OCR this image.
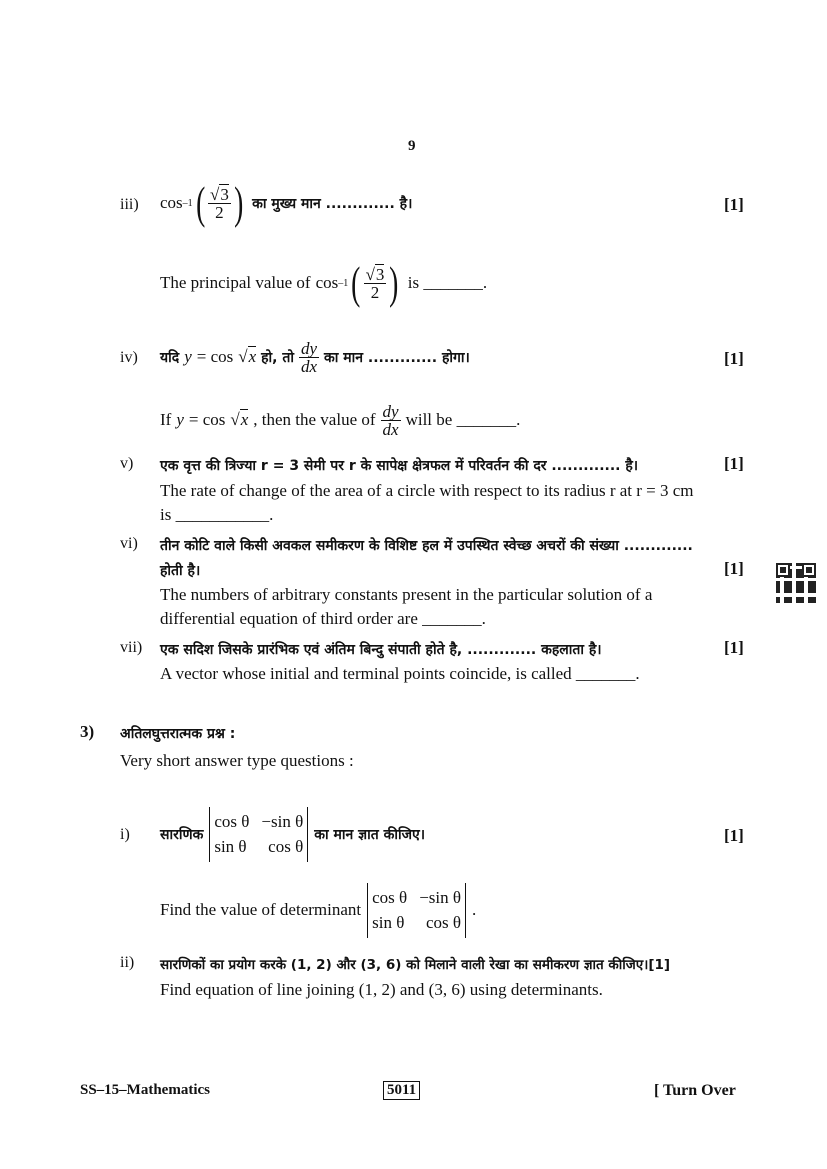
9
iii) cos –1 ( $\frac{√3}{2}$ ) का मुख्य मान ............. है।	[1]
The principal value of cos –1 ( $\frac{√3}{2}$ ) is _______.
iv) यदि y = cos √x हो, तो $\frac{dy}{dx}$ का मान ............. होगा।	[1]
If y = cos √x , then the value of $\frac{dy}{dx}$ will be _______.
v) एक वृत्त की त्रिज्या r = 3 सेमी पर r के सापेक्ष क्षेत्रफल में परिवर्तन की दर ............. है।	[1]
The rate of change of the area of a circle with respect to its radius r at r = 3 cm
is ___________.
vi) तीन कोटि वाले किसी अवकल समीकरण के विशिष्ट हल में उपस्थित स्वेच्छ अचरों की संख्या .............
होती है।	[1]
The numbers of arbitrary constants present in the particular solution of a
differential equation of third order are _______.
vii) एक सदिश जिसके प्रारंभिक एवं अंतिम बिन्दु संपाती होते है, ............. कहलाता है।	[1]
A vector whose initial and terminal points coincide, is called _______.
3) अतिलघुत्तरात्मक प्रश्न :
Very short answer type questions :
i) सारणिक
cos θ −sin θ
sin θ cos θ
का मान ज्ञात कीजिए।	[1]
Find the value of determinant
cos θ −sin θ
sin θ cos θ
.
ii) सारणिकों का प्रयोग करके (1, 2) और (3, 6) को मिलाने वाली रेखा का समीकरण ज्ञात कीजिए।[1]
Find equation of line joining (1, 2) and (3, 6) using determinants.
SS–15–Mathematics	5011	[ Turn Over
